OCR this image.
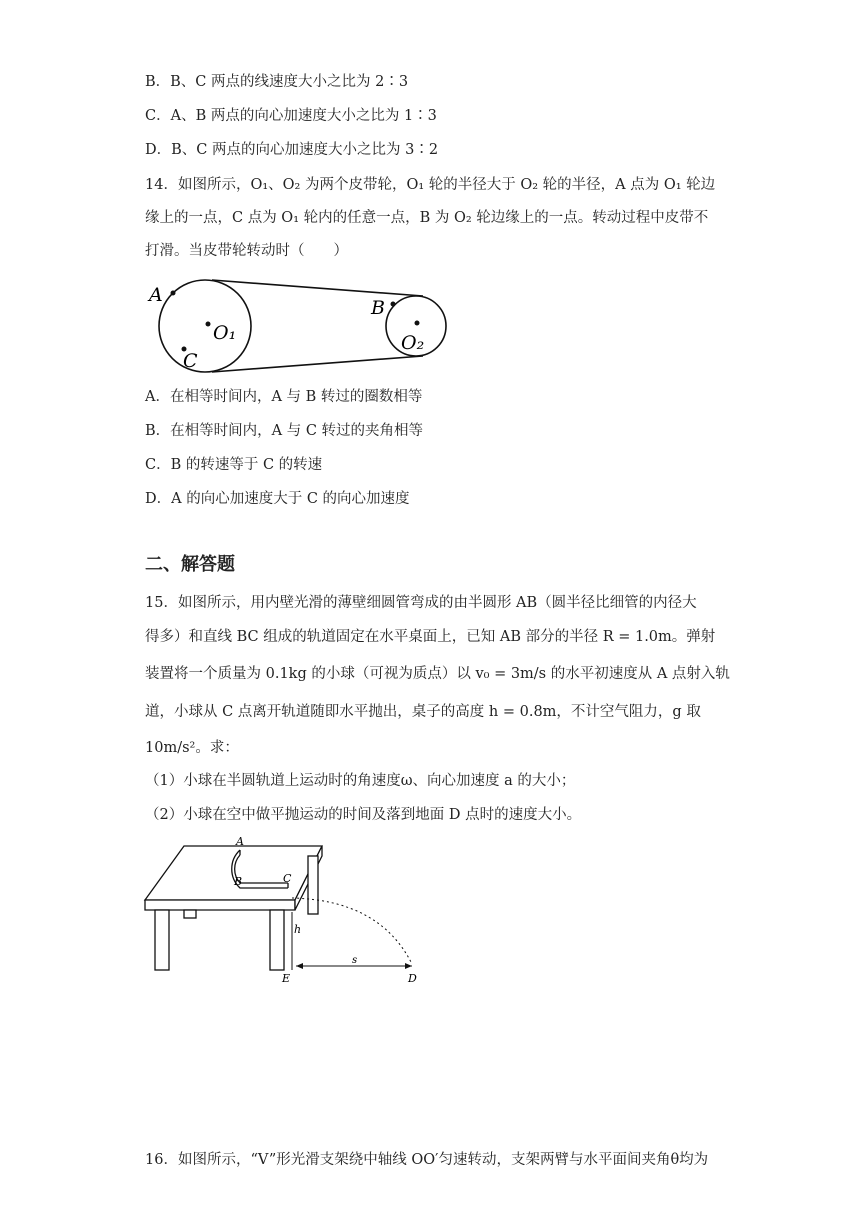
B．B、C 两点的线速度大小之比为 2∶3
C．A、B 两点的向心加速度大小之比为 1∶3
D．B、C 两点的向心加速度大小之比为 3∶2
14．如图所示，O₁、O₂ 为两个皮带轮，O₁ 轮的半径大于 O₂ 轮的半径，A 点为 O₁ 轮边
缘上的一点，C 点为 O₁ 轮内的任意一点，B 为 O₂ 轮边缘上的一点。转动过程中皮带不
打滑。当皮带轮转动时（　　）
A
O₁
C
B
O₂
A．在相等时间内，A 与 B 转过的圈数相等
B．在相等时间内，A 与 C 转过的夹角相等
C．B 的转速等于 C 的转速
D．A 的向心加速度大于 C 的向心加速度
二、解答题
15．如图所示，用内壁光滑的薄壁细圆管弯成的由半圆形 AB（圆半径比细管的内径大
得多）和直线 BC 组成的轨道固定在水平桌面上，已知 AB 部分的半径 R = 1.0m。弹射
装置将一个质量为 0.1kg 的小球（可视为质点）以 v₀ = 3m/s 的水平初速度从 A 点射入轨
道，小球从 C 点离开轨道随即水平抛出，桌子的高度 h = 0.8m，不计空气阻力，g 取
10m/s²。求：
（1）小球在半圆轨道上运动时的角速度ω、向心加速度 a 的大小；
（2）小球在空中做平抛运动的时间及落到地面 D 点时的速度大小。
A
B	C
h
E
s
D
16．如图所示，“V”形光滑支架绕中轴线 OO′匀速转动，支架两臂与水平面间夹角θ均为
